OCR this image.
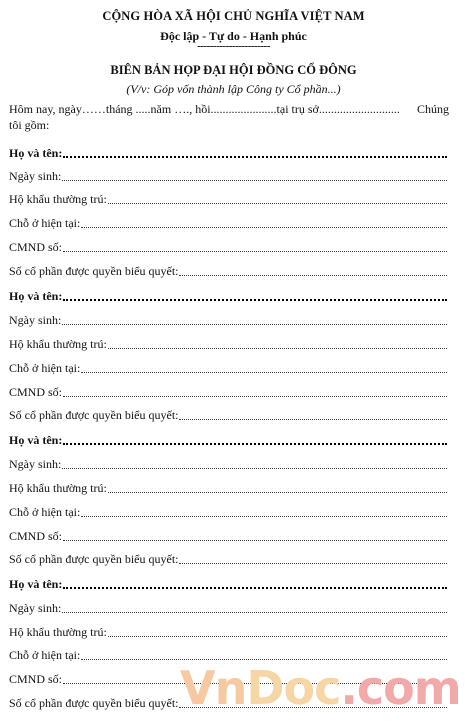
CỘNG HÒA XÃ HỘI CHỦ NGHĨA VIỆT NAM
Độc lập - Tự do - Hạnh phúc
-----------------------
BIÊN BẢN HỌP ĐẠI HỘI ĐỒNG CỔ ĐÔNG
(V/v: Góp vốn thành lập Công ty Cổ phần...)
Hôm nay, ngày……tháng .....năm …., hồi......................tại trụ sở........................... Chúng

tôi gồm:
Họ và tên:
Ngày sinh:
Hộ khẩu thường trú:
Chỗ ở hiện tại:
CMND số:
Số cổ phần được quyền biểu quyết:
Họ và tên:
Ngày sinh:
Hộ khẩu thường trú:
Chỗ ở hiện tại:
CMND số:
Số cổ phần được quyền biểu quyết:
Họ và tên:
Ngày sinh:
Hộ khẩu thường trú:
Chỗ ở hiện tại:
CMND số:
Số cổ phần được quyền biểu quyết:
Họ và tên:
Ngày sinh:
Hộ khẩu thường trú:
Chỗ ở hiện tại:
CMND số:
Số cổ phần được quyền biểu quyết: VnDoc.com
